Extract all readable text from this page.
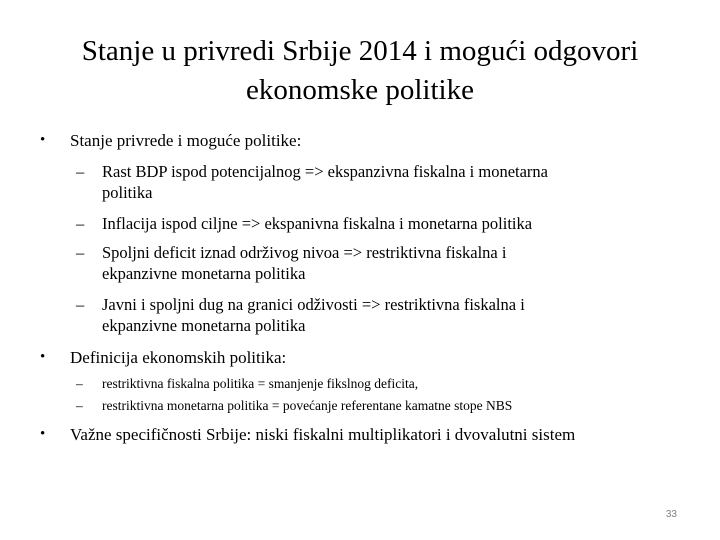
Stanje u privredi Srbije 2014 i mogući odgovori
ekonomske politike
• Stanje privrede i moguće politike:
– Rast BDP ispod potencijalnog => ekspanzivna fiskalna i monetarna
politika
– Inflacija ispod ciljne => ekspanivna fiskalna i monetarna politika
– Spoljni deficit iznad održivog nivoa => restriktivna fiskalna i
ekpanzivne monetarna politika
– Javni i spoljni dug na granici odživosti => restriktivna fiskalna i
ekpanzivne monetarna politika
• Definicija ekonomskih politika:
– restriktivna fiskalna politika = smanjenje fikslnog deficita,
– restriktivna monetarna politika = povećanje referentane kamatne stope NBS
• Važne specifičnosti Srbije: niski fiskalni multiplikatori i dvovalutni sistem
33
